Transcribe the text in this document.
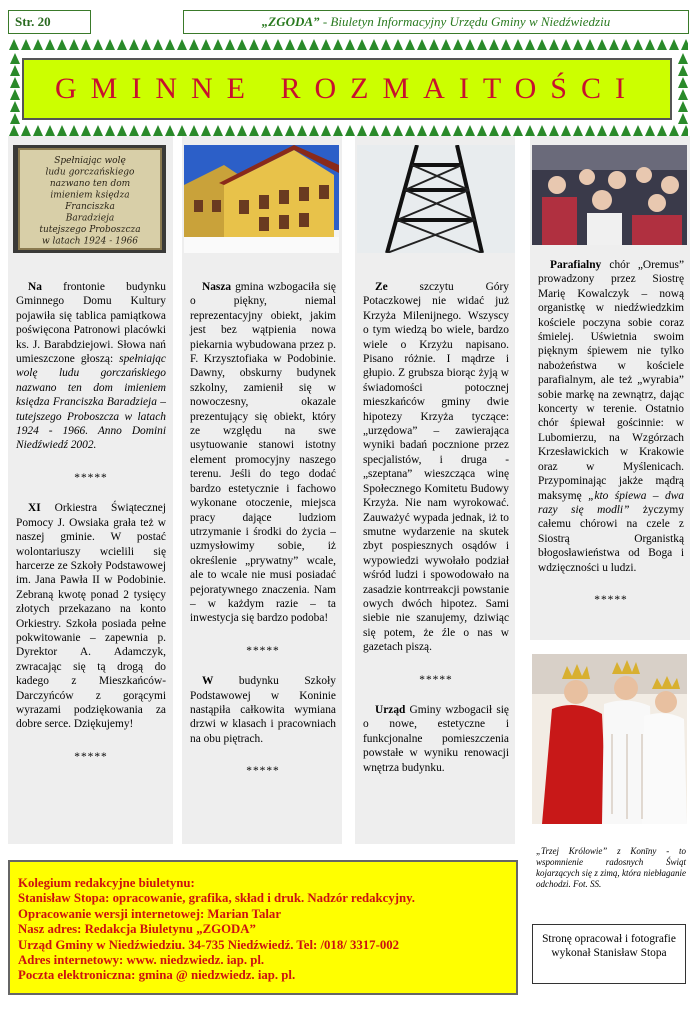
Str. 20	„ZGODA” - Biuletyn Informacyjny Urzędu Gminy w Niedźwiedziu
GMINNE ROZMAITOŚCI
Spełniając wolę
ludu gorczańskiego
nazwano ten dom
imieniem księdza
Franciszka
Baradzieja
tutejszego Proboszcza
w latach 1924 - 1966

Na frontonie budynku Gminnego Domu Kultury pojawiła się tablica pamiątkowa poświęcona Patronowi placówki ks. J. Barabdziejowi. Słowa nań umieszczone głoszą: spełniając wolę ludu gorczańskiego nazwano ten dom imieniem księdza Franciszka Baradzieja – tutejszego Proboszcza w latach 1924 - 1966. Anno Domini Niedźwiedź 2002.

*****

XI Orkiestra Świątecznej Pomocy J. Owsiaka grała też w naszej gminie. W postać wolontariuszy wcielili się harcerze ze Szkoły Podstawowej im. Jana Pawła II w Podobinie. Zebraną kwotę ponad 2 tysięcy złotych przekazano na konto Orkiestry. Szkoła posiada pełne pokwitowanie – zapewnia p. Dyrektor A. Adamczyk, zwracając się tą drogą do kadego z Mieszkańców-Darczyńców z gorącymi wyrazami podziękowania za dobre serce. Dziękujemy!

*****

Nasza gmina wzbogaciła się o piękny, niemal reprezentacyjny obiekt, jakim jest bez wątpienia nowa piekarnia wybudowana przez p. F. Krzysztofiaka w Podobinie. Dawny, obskurny budynek szkolny, zamienił się w nowoczesny, okazale prezentujący się obiekt, który ze względu na swe usytuowanie stanowi istotny element promocyjny naszego terenu. Jeśli do tego dodać bardzo estetycznie i fachowo wykonane otoczenie, miejsca pracy dające ludziom utrzymanie i środki do życia – uzmysłowimy sobie, iż określenie „prywatny” wcale, ale to wcale nie musi posiadać pejoratywnego znaczenia. Nam – w każdym razie – ta inwestycja się bardzo podoba!

*****

W budynku Szkoły Podstawowej w Koninie nastąpiła całkowita wymiana drzwi w klasach i pracowniach na obu piętrach.

*****

Ze szczytu Góry Potaczkowej nie widać już Krzyża Milenijnego. Wszyscy o tym wiedzą bo wiele, bardzo wiele o Krzyżu napisano. Pisano różnie. I mądrze i głupio. Z grubsza biorąc żyją w świadomości potocznej mieszkańców gminy dwie hipotezy Krzyża tyczące: „urzędowa” – zawierająca wyniki badań pocznione przez specjalistów, i druga - „szeptana” wieszcząca winę Społecznego Komitetu Budowy Krzyża. Nie nam wyrokować. Zauważyć wypada jednak, iż to smutne wydarzenie na skutek zbyt pospiesznych osądów i wypowiedzi wywołało podział wśród ludzi i spowodowało na zasadzie kontrreakcji powstanie owych dwóch hipotez. Sami siebie nie szanujemy, dziwiąc się potem, że źle o nas w gazetach piszą.

*****

Urząd Gminy wzbogacił się o nowe, estetyczne i funkcjonalne pomieszczenia powstałe w wyniku renowacji wnętrza budynku.

Parafialny chór „Oremus” prowadzony przez Siostrę Marię Kowalczyk – nową organistkę w niedźwiedzkim kościele poczyna sobie coraz śmielej. Uświetnia swoim pięknym śpiewem nie tylko nabożeństwa w kościele parafialnym, ale też „wyrabia” sobie markę na zewnątrz, dając koncerty w terenie. Ostatnio chór śpiewał gościnnie: w Lubomierzu, na Wzgórzach Krzesławickich w Krakowie oraz w Myślenicach. Przypominając jakże mądrą maksymę „kto śpiewa – dwa razy się modli” życzymy całemu chórowi na czele z Siostrą Organistką błogosławieństwa od Boga i wdzięczności u ludzi.

*****
„Trzej Królowie” z Konīny - to wspomnienie radosnych Świąt kojarzących się z zimą, która niebłaganie odchodzi. Fot. SS.
Kolegium redakcyjne biuletynu:
Stanisław Stopa: opracowanie, grafika, skład i druk. Nadzór redakcyjny.
Opracowanie wersji internetowej: Marian Talar
Nasz adres: Redakcja Biuletynu „ZGODA”
Urząd Gminy w Niedźwiedziu. 34-735 Niedźwiedź. Tel: /018/ 3317-002
Adres internetowy: www. niedzwiedz. iap. pl.
Poczta elektroniczna: gmina @ niedzwiedz. iap. pl.
Stronę opracował i fotografie wykonał Stanisław Stopa
